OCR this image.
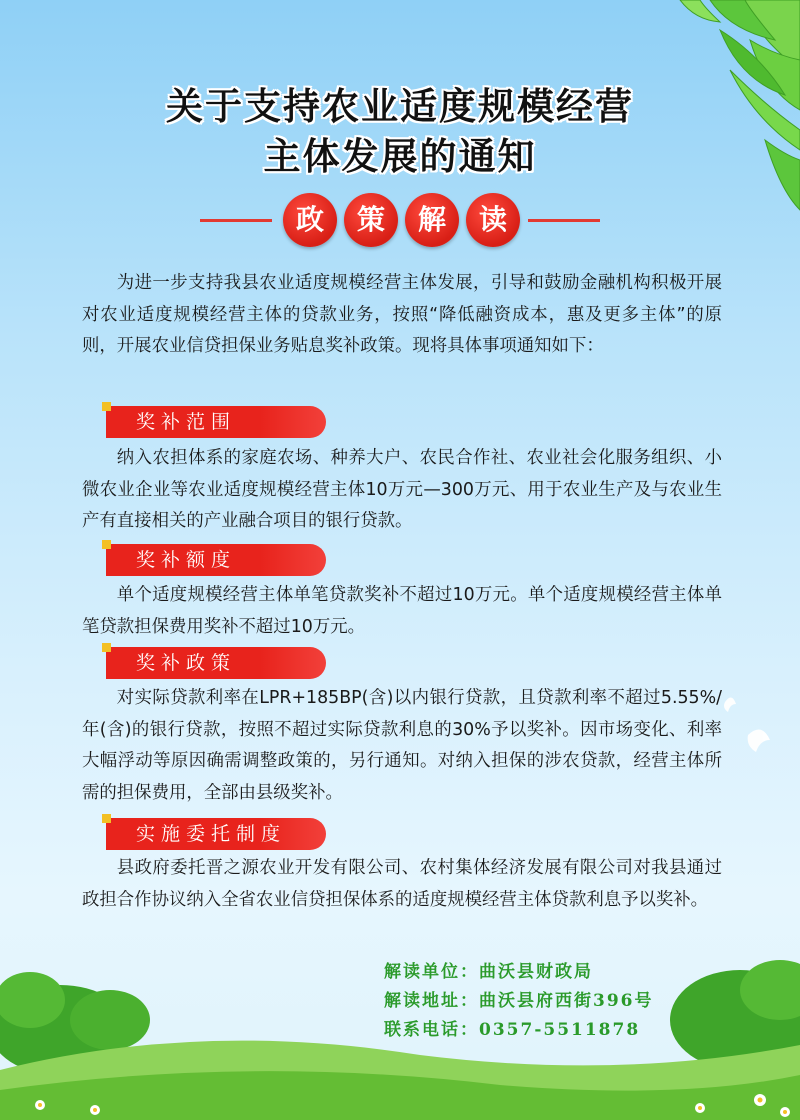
关于支持农业适度规模经营
主体发展的通知
政	策	解	读

为进一步支持我县农业适度规模经营主体发展，引导和鼓励金融机构积极开展对农业适度规模经营主体的贷款业务，按照“降低融资成本，惠及更多主体”的原则，开展农业信贷担保业务贴息奖补政策。现将具体事项通知如下：

奖补范围

纳入农担体系的家庭农场、种养大户、农民合作社、农业社会化服务组织、小微农业企业等农业适度规模经营主体10万元—300万元、用于农业生产及与农业生产有直接相关的产业融合项目的银行贷款。

奖补额度

单个适度规模经营主体单笔贷款奖补不超过10万元。单个适度规模经营主体单笔贷款担保费用奖补不超过10万元。

奖补政策

对实际贷款利率在LPR+185BP(含)以内银行贷款，且贷款利率不超过5.55%/年(含)的银行贷款，按照不超过实际贷款利息的30%予以奖补。因市场变化、利率大幅浮动等原因确需调整政策的，另行通知。对纳入担保的涉农贷款，经营主体所需的担保费用，全部由县级奖补。

实施委托制度

县政府委托晋之源农业开发有限公司、农村集体经济发展有限公司对我县通过政担合作协议纳入全省农业信贷担保体系的适度规模经营主体贷款利息予以奖补。

解读单位：曲沃县财政局
解读地址：曲沃县府西街396号
联系电话：0357-5511878
